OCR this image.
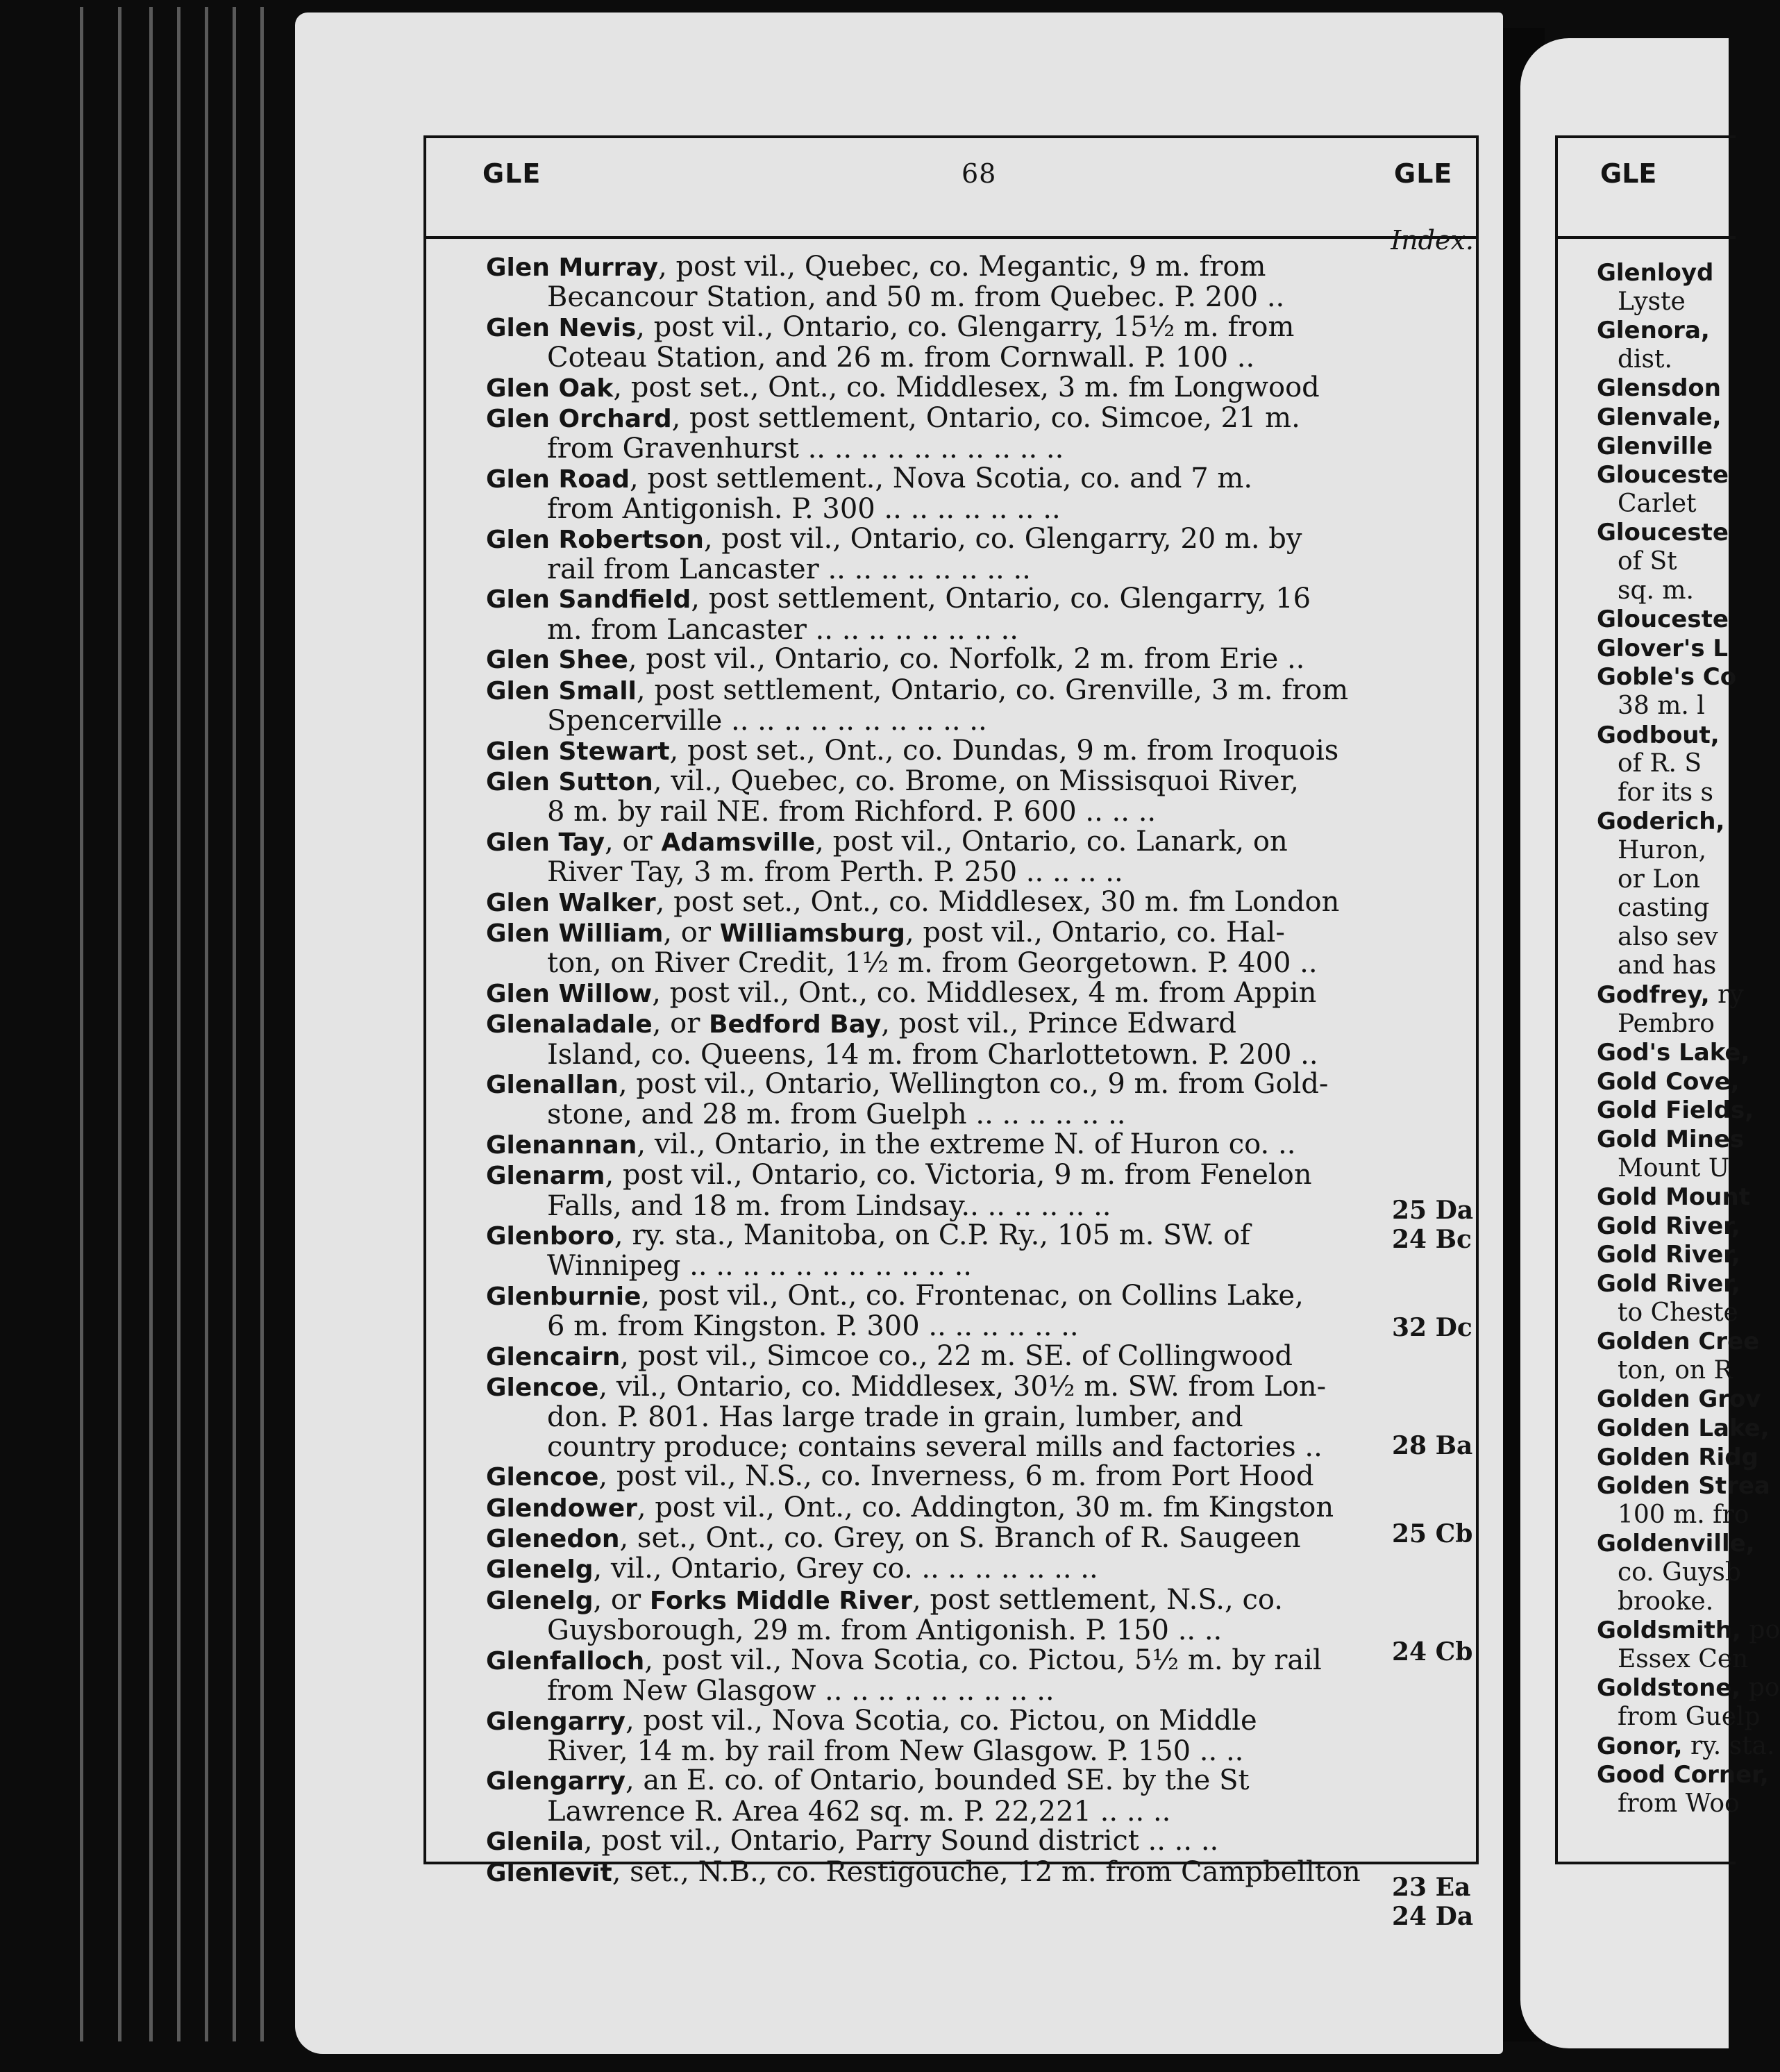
GLE	68	GLE
Index.
Glen Murray, post vil., Quebec, co. Megantic, 9 m. from
Becancour Station, and 50 m. from Quebec. P. 200 ..
Glen Nevis, post vil., Ontario, co. Glengarry, 15½ m. from
Coteau Station, and 26 m. from Cornwall. P. 100 ..
Glen Oak, post set., Ont., co. Middlesex, 3 m. fm Longwood
Glen Orchard, post settlement, Ontario, co. Simcoe, 21 m.
from Gravenhurst .. .. .. .. .. .. .. .. .. ..
Glen Road, post settlement., Nova Scotia, co. and 7 m.
from Antigonish. P. 300 .. .. .. .. .. .. ..
Glen Robertson, post vil., Ontario, co. Glengarry, 20 m. by
rail from Lancaster .. .. .. .. .. .. .. ..
Glen Sandfield, post settlement, Ontario, co. Glengarry, 16
m. from Lancaster .. .. .. .. .. .. .. ..
Glen Shee, post vil., Ontario, co. Norfolk, 2 m. from Erie ..
Glen Small, post settlement, Ontario, co. Grenville, 3 m. from
Spencerville .. .. .. .. .. .. .. .. .. ..
Glen Stewart, post set., Ont., co. Dundas, 9 m. from Iroquois
Glen Sutton, vil., Quebec, co. Brome, on Missisquoi River,
8 m. by rail NE. from Richford. P. 600 .. .. ..
Glen Tay, or Adamsville, post vil., Ontario, co. Lanark, on
River Tay, 3 m. from Perth. P. 250 .. .. .. ..
Glen Walker, post set., Ont., co. Middlesex, 30 m. fm London
Glen William, or Williamsburg, post vil., Ontario, co. Hal-
ton, on River Credit, 1½ m. from Georgetown. P. 400 ..
Glen Willow, post vil., Ont., co. Middlesex, 4 m. from Appin
Glenaladale, or Bedford Bay, post vil., Prince Edward
Island, co. Queens, 14 m. from Charlottetown. P. 200 ..
Glenallan, post vil., Ontario, Wellington co., 9 m. from Gold-
stone, and 28 m. from Guelph .. .. .. .. .. ..
Glenannan, vil., Ontario, in the extreme N. of Huron co. ..
Glenarm, post vil., Ontario, co. Victoria, 9 m. from Fenelon
Falls, and 18 m. from Lindsay.. .. .. .. .. ..
Glenboro, ry. sta., Manitoba, on C.P. Ry., 105 m. SW. of
Winnipeg .. .. .. .. .. .. .. .. .. .. ..
Glenburnie, post vil., Ont., co. Frontenac, on Collins Lake,
6 m. from Kingston. P. 300 .. .. .. .. .. ..
Glencairn, post vil., Simcoe co., 22 m. SE. of Collingwood
Glencoe, vil., Ontario, co. Middlesex, 30½ m. SW. from Lon-
don. P. 801. Has large trade in grain, lumber, and
country produce; contains several mills and factories ..
Glencoe, post vil., N.S., co. Inverness, 6 m. from Port Hood
Glendower, post vil., Ont., co. Addington, 30 m. fm Kingston
Glenedon, set., Ont., co. Grey, on S. Branch of R. Saugeen
Glenelg, vil., Ontario, Grey co. .. .. .. .. .. .. ..
Glenelg, or Forks Middle River, post settlement, N.S., co.
Guysborough, 29 m. from Antigonish. P. 150 .. ..
Glenfalloch, post vil., Nova Scotia, co. Pictou, 5½ m. by rail
from New Glasgow .. .. .. .. .. .. .. .. ..
Glengarry, post vil., Nova Scotia, co. Pictou, on Middle
River, 14 m. by rail from New Glasgow. P. 150 .. ..
Glengarry, an E. co. of Ontario, bounded SE. by the St
Lawrence R. Area 462 sq. m. P. 22,221 .. .. ..
Glenila, post vil., Ontario, Parry Sound district .. .. ..
Glenlevit, set., N.B., co. Restigouche, 12 m. from Campbellton
25 Da
24 Bc
32 Dc
28 Ba
25 Cb
24 Cb
23 Ea
24 Da
GLE
Glenloyd
Lyste
Glenora,
dist.
Glensdon
Glenvale,
Glenville
Glouceste
Carlet
Glouceste
of St
sq. m.
Glouceste
Glover's L
Goble's Co
38 m. l
Godbout,
of R. S
for its s
Goderich,
Huron,
or Lon
casting
also sev
and has
Godfrey, ry
Pembro
God's Lake,
Gold Cove,
Gold Fields,
Gold Mines
Mount U
Gold Mount
Gold River,
Gold River,
Gold River,
to Cheste
Golden Cree
ton, on R
Golden Grov
Golden Lake,
Golden Ridg
Golden Strea
100 m. fro
Goldenville,
co. Guysb
brooke.
Goldsmith, po
Essex Cen
Goldstone, po
from Guelp
Gonor, ry. sta.
Good Corner,
from Woo
